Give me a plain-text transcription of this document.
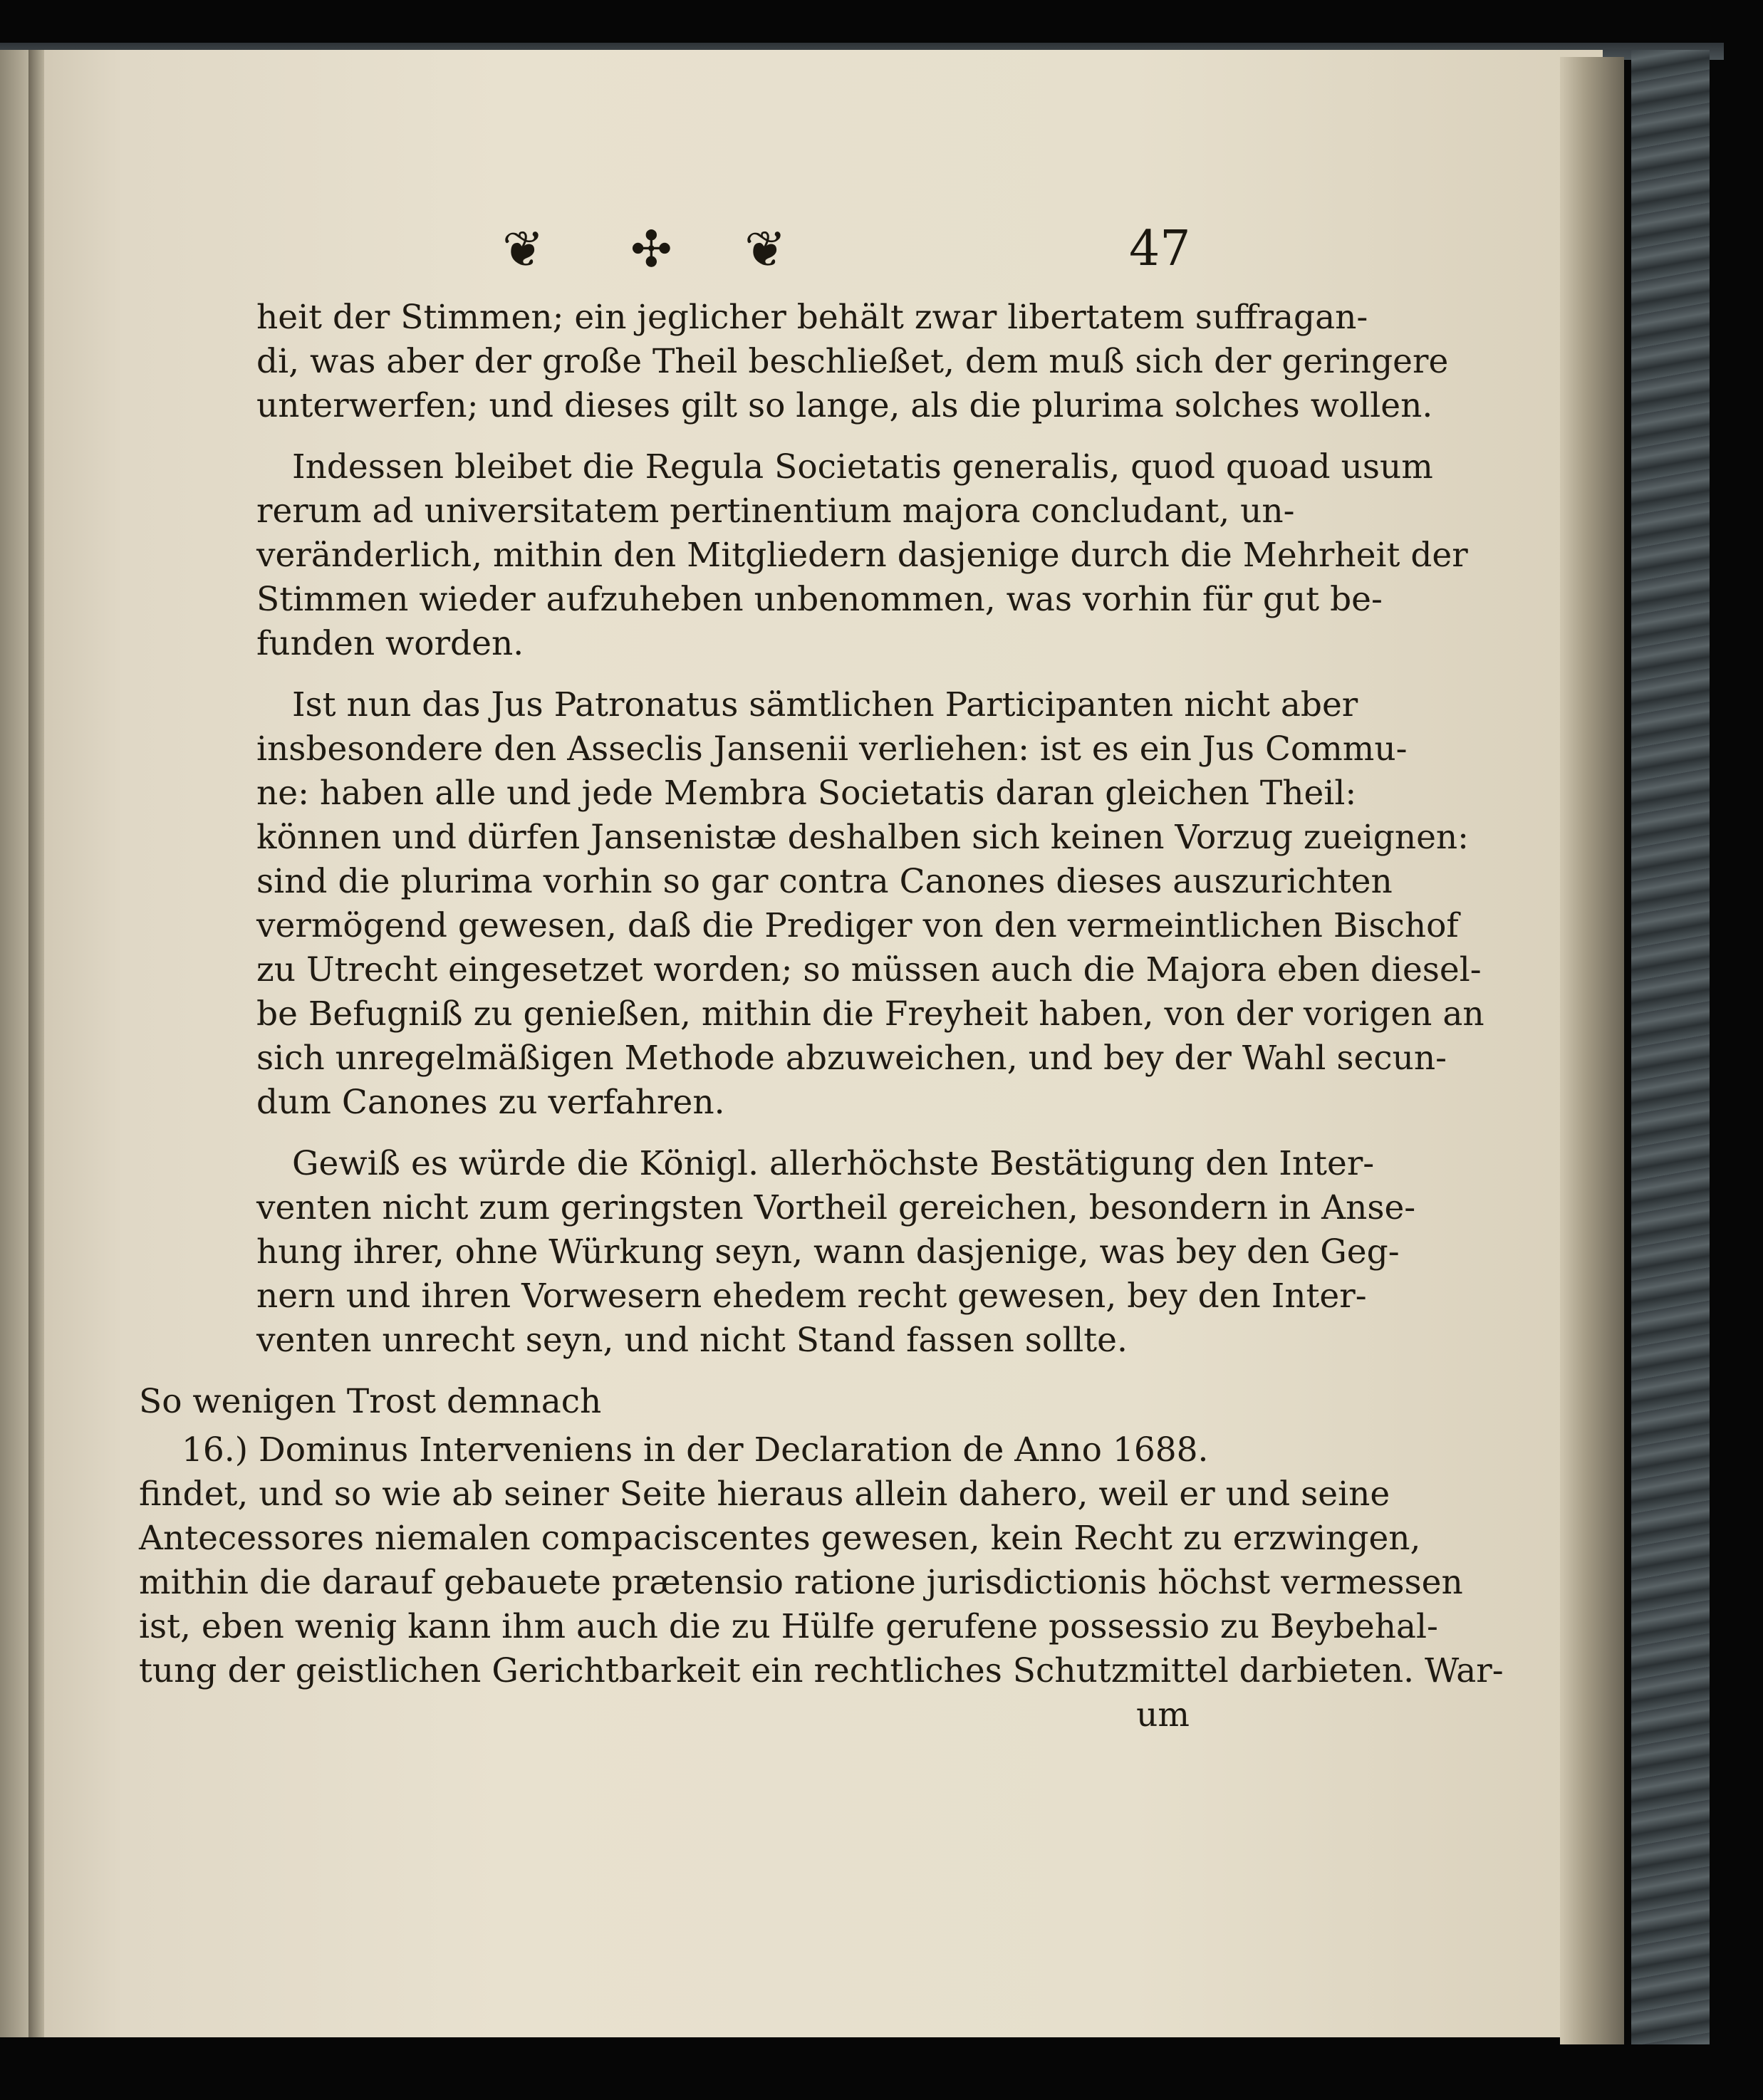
❦ ✣ ❦	47
heit der Stimmen; ein jeglicher behält zwar libertatem suffragan-
di, was aber der große Theil beschließet, dem muß sich der geringere
unterwerfen; und dieses gilt so lange, als die plurima solches wollen.
Indessen bleibet die Regula Societatis generalis, quod quoad usum
rerum ad universitatem pertinentium majora concludant, un-
veränderlich, mithin den Mitgliedern dasjenige durch die Mehrheit der
Stimmen wieder aufzuheben unbenommen, was vorhin für gut be-
funden worden.
Ist nun das Jus Patronatus sämtlichen Participanten nicht aber
insbesondere den Asseclis Jansenii verliehen: ist es ein Jus Commu-
ne: haben alle und jede Membra Societatis daran gleichen Theil:
können und dürfen Jansenistæ deshalben sich keinen Vorzug zueignen:
sind die plurima vorhin so gar contra Canones dieses auszurichten
vermögend gewesen, daß die Prediger von den vermeintlichen Bischof
zu Utrecht eingesetzet worden; so müssen auch die Majora eben diesel-
be Befugniß zu genießen, mithin die Freyheit haben, von der vorigen an
sich unregelmäßigen Methode abzuweichen, und bey der Wahl secun-
dum Canones zu verfahren.
Gewiß es würde die Königl. allerhöchste Bestätigung den Inter-
venten nicht zum geringsten Vortheil gereichen, besondern in Anse-
hung ihrer, ohne Würkung seyn, wann dasjenige, was bey den Geg-
nern und ihren Vorwesern ehedem recht gewesen, bey den Inter-
venten unrecht seyn, und nicht Stand fassen sollte.
So wenigen Trost demnach
16.) Dominus Interveniens in der Declaration de Anno 1688.
findet, und so wie ab seiner Seite hieraus allein dahero, weil er und seine
Antecessores niemalen compaciscentes gewesen, kein Recht zu erzwingen,
mithin die darauf gebauete prætensio ratione jurisdictionis höchst vermessen
ist, eben wenig kann ihm auch die zu Hülfe gerufene possessio zu Beybehal-
tung der geistlichen Gerichtbarkeit ein rechtliches Schutzmittel darbieten. War-
um
